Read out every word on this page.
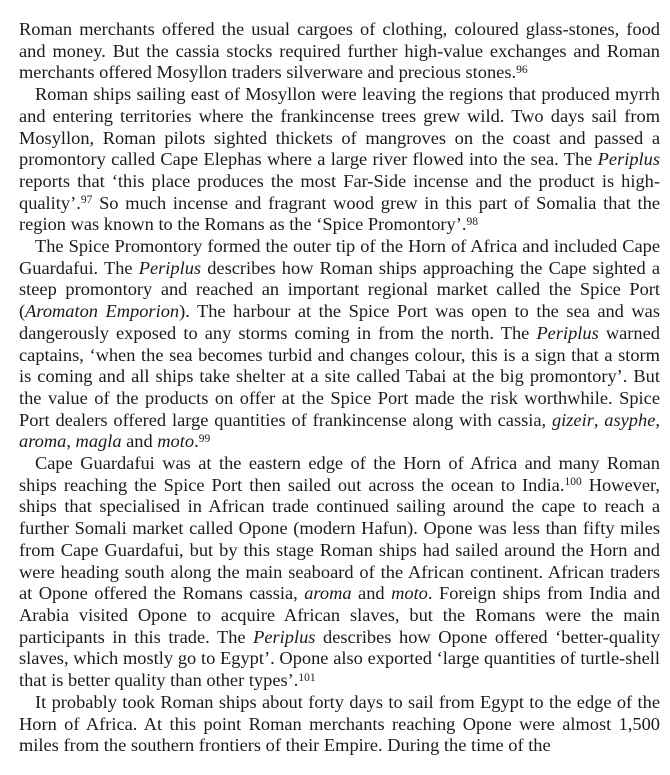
Roman merchants offered the usual cargoes of clothing, coloured glass-stones, food and money. But the cassia stocks required further high-value exchanges and Roman merchants offered Mosyllon traders silverware and precious stones.$^{96}$

Roman ships sailing east of Mosyllon were leaving the regions that produced myrrh and entering territories where the frankincense trees grew wild. Two days sail from Mosyllon, Roman pilots sighted thickets of mangroves on the coast and passed a promontory called Cape Elephas where a large river flowed into the sea. The Periplus reports that ‘this place produces the most Far-Side incense and the product is high-quality’.$^{97}$ So much incense and fragrant wood grew in this part of Somalia that the region was known to the Romans as the ‘Spice Promontory’.$^{98}$

The Spice Promontory formed the outer tip of the Horn of Africa and included Cape Guardafui. The Periplus describes how Roman ships approaching the Cape sighted a steep promontory and reached an important regional market called the Spice Port (Aromaton Emporion). The harbour at the Spice Port was open to the sea and was dangerously exposed to any storms coming in from the north. The Periplus warned captains, ‘when the sea becomes turbid and changes colour, this is a sign that a storm is coming and all ships take shelter at a site called Tabai at the big promontory’. But the value of the products on offer at the Spice Port made the risk worthwhile. Spice Port dealers offered large quantities of frankincense along with cassia, gizeir, asyphe, aroma, magla and moto.$^{99}$

Cape Guardafui was at the eastern edge of the Horn of Africa and many Roman ships reaching the Spice Port then sailed out across the ocean to India.$^{100}$ However, ships that specialised in African trade continued sailing around the cape to reach a further Somali market called Opone (modern Hafun). Opone was less than fifty miles from Cape Guardafui, but by this stage Roman ships had sailed around the Horn and were heading south along the main seaboard of the African continent. African traders at Opone offered the Romans cassia, aroma and moto. Foreign ships from India and Arabia visited Opone to acquire African slaves, but the Romans were the main participants in this trade. The Periplus describes how Opone offered ‘better-quality slaves, which mostly go to Egypt’. Opone also exported ‘large quantities of turtle-shell that is better quality than other types’.$^{101}$

It probably took Roman ships about forty days to sail from Egypt to the edge of the Horn of Africa. At this point Roman merchants reaching Opone were almost 1,500 miles from the southern frontiers of their Empire. During the time of the
